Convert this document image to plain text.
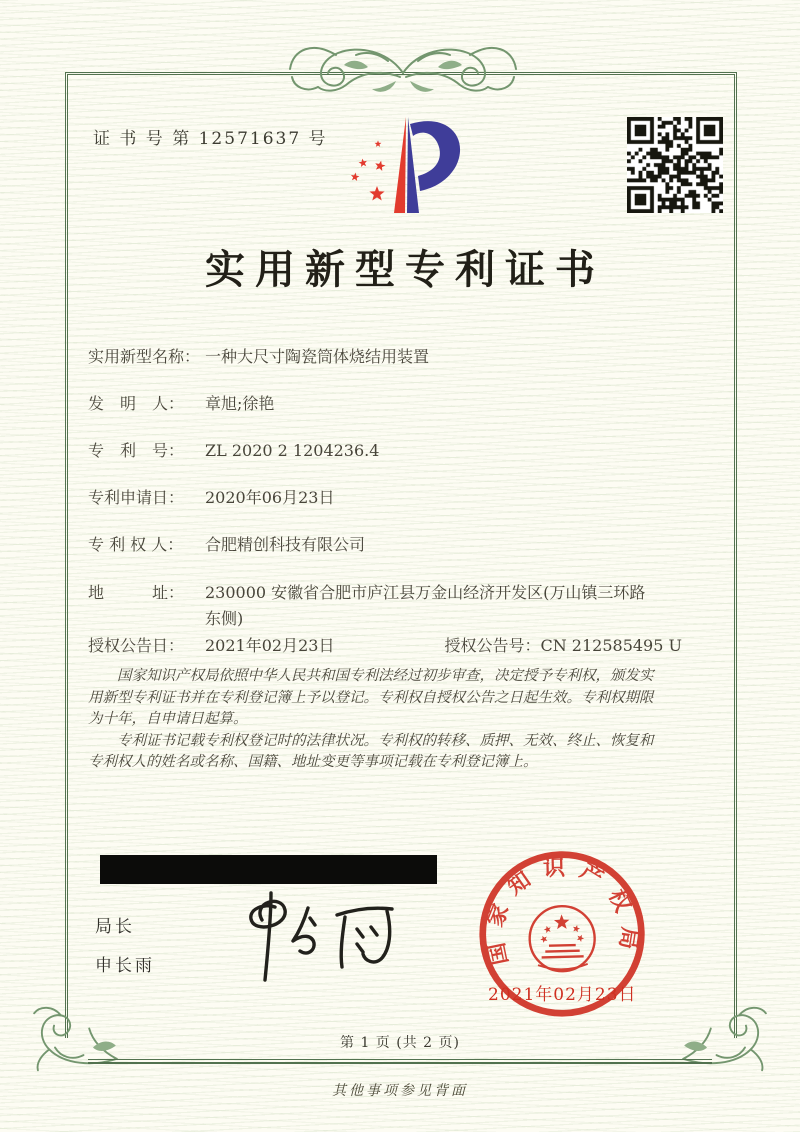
证 书 号 第 12571637 号
实用新型专利证书
实用新型名称： 一种大尺寸陶瓷筒体烧结用装置
发　明　人： 章旭;徐艳
专　利　号： ZL 2020 2 1204236.4
专利申请日： 2020年06月23日
专 利 权 人： 合肥精创科技有限公司
地　　　址： 230000 安徽省合肥市庐江县万金山经济开发区(万山镇三环路东侧)
授权公告日： 2021年02月23日	授权公告号：CN 212585495 U

国家知识产权局依照中华人民共和国专利法经过初步审查，决定授予专利权，颁发实用新型专利证书并在专利登记簿上予以登记。专利权自授权公告之日起生效。专利权期限为十年，自申请日起算。

专利证书记载专利权登记时的法律状况。专利权的转移、质押、无效、终止、恢复和专利权人的姓名或名称、国籍、地址变更等事项记载在专利登记簿上。

局长
申长雨	国家知识产权局
2021年02月23日
第 1 页 (共 2 页)
其他事项参见背面
